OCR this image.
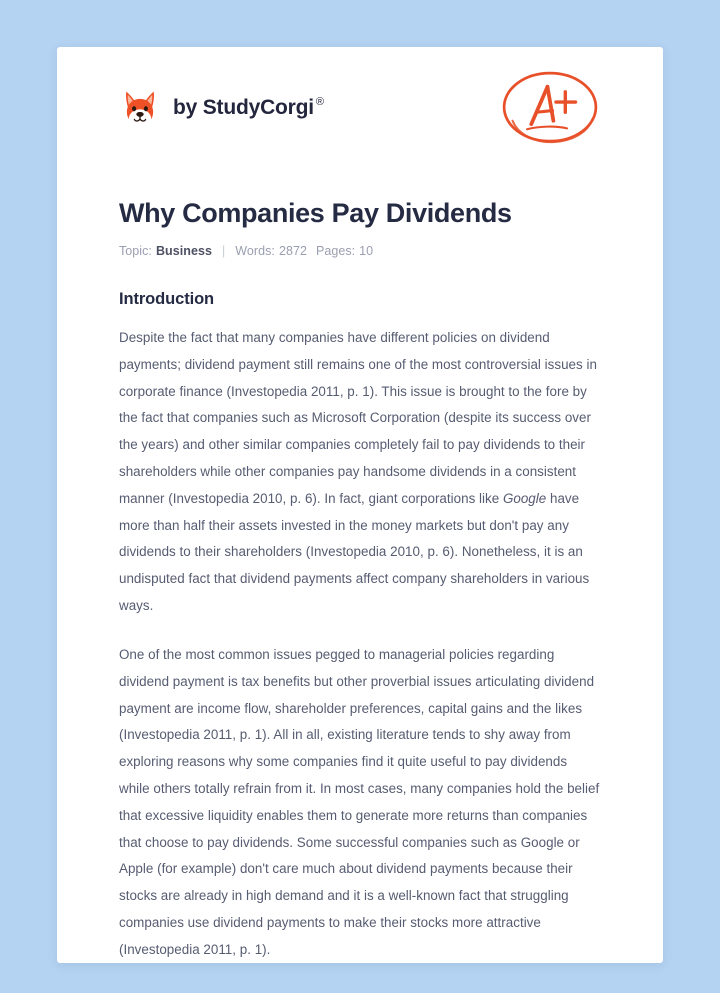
by StudyCorgi ®
Why Companies Pay Dividends
Topic: Business | Words: 2872 Pages: 10
Introduction

Despite the fact that many companies have different policies on dividend payments; dividend payment still remains one of the most controversial issues in corporate finance (Investopedia 2011, p. 1). This issue is brought to the fore by the fact that companies such as Microsoft Corporation (despite its success over the years) and other similar companies completely fail to pay dividends to their shareholders while other companies pay handsome dividends in a consistent manner (Investopedia 2010, p. 6). In fact, giant corporations like Google have more than half their assets invested in the money markets but don't pay any dividends to their shareholders (Investopedia 2010, p. 6). Nonetheless, it is an undisputed fact that dividend payments affect company shareholders in various ways.

One of the most common issues pegged to managerial policies regarding dividend payment is tax benefits but other proverbial issues articulating dividend payment are income flow, shareholder preferences, capital gains and the likes (Investopedia 2011, p. 1). All in all, existing literature tends to shy away from exploring reasons why some companies find it quite useful to pay dividends while others totally refrain from it. In most cases, many companies hold the belief that excessive liquidity enables them to generate more returns than companies that choose to pay dividends. Some successful companies such as Google or Apple (for example) don't care much about dividend payments because their stocks are already in high demand and it is a well-known fact that struggling companies use dividend payments to make their stocks more attractive (Investopedia 2011, p. 1).
